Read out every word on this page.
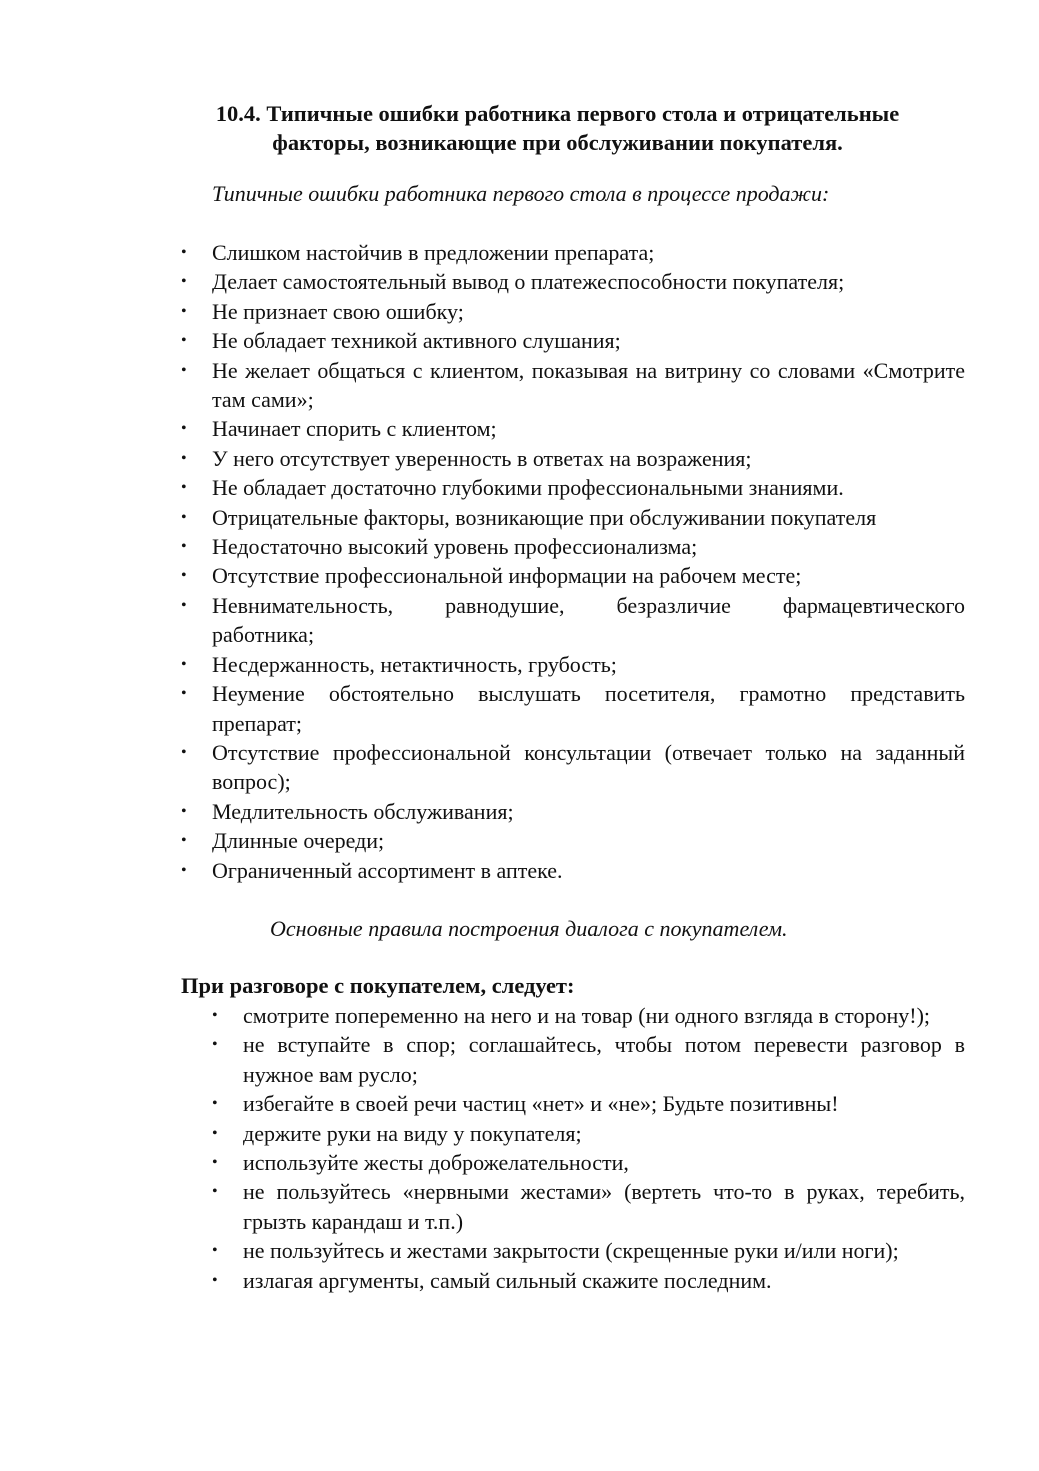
10.4. Типичные ошибки работника первого стола и отрицательные
факторы, возникающие при обслуживании покупателя.

Типичные ошибки работника первого стола в процессе продажи:

•	Слишком настойчив в предложении препарата;
•	Делает самостоятельный вывод о платежеспособности покупателя;
•	Не признает свою ошибку;
•	Не обладает техникой активного слушания;
•	Не желает общаться с клиентом, показывая на витрину со словами «Смотрите там сами»;
•	Начинает спорить с клиентом;
•	У него отсутствует уверенность в ответах на возражения;
•	Не обладает достаточно глубокими профессиональными знаниями.
•	Отрицательные факторы, возникающие при обслуживании покупателя
•	Недостаточно высокий уровень профессионализма;
•	Отсутствие профессиональной информации на рабочем месте;
•	Невнимательность, равнодушие, безразличие фармацевтического работника;
•	Несдержанность, нетактичность, грубость;
•	Неумение обстоятельно выслушать посетителя, грамотно представить препарат;
•	Отсутствие профессиональной консультации (отвечает только на заданный вопрос);
•	Медлительность обслуживания;
•	Длинные очереди;
•	Ограниченный ассортимент в аптеке.

Основные правила построения диалога с покупателем.

При разговоре с покупателем, следует:

•	смотрите попеременно на него и на товар (ни одного взгляда в сторону!);
•	не вступайте в спор; соглашайтесь, чтобы потом перевести разговор в нужное вам русло;
•	избегайте в своей речи частиц «нет» и «не»; Будьте позитивны!
•	держите руки на виду у покупателя;
•	используйте жесты доброжелательности,
•	не пользуйтесь «нервными жестами» (вертеть что-то в руках, теребить, грызть карандаш и т.п.)
•	не пользуйтесь и жестами закрытости (скрещенные руки и/или ноги);
•	излагая аргументы, самый сильный скажите последним.
